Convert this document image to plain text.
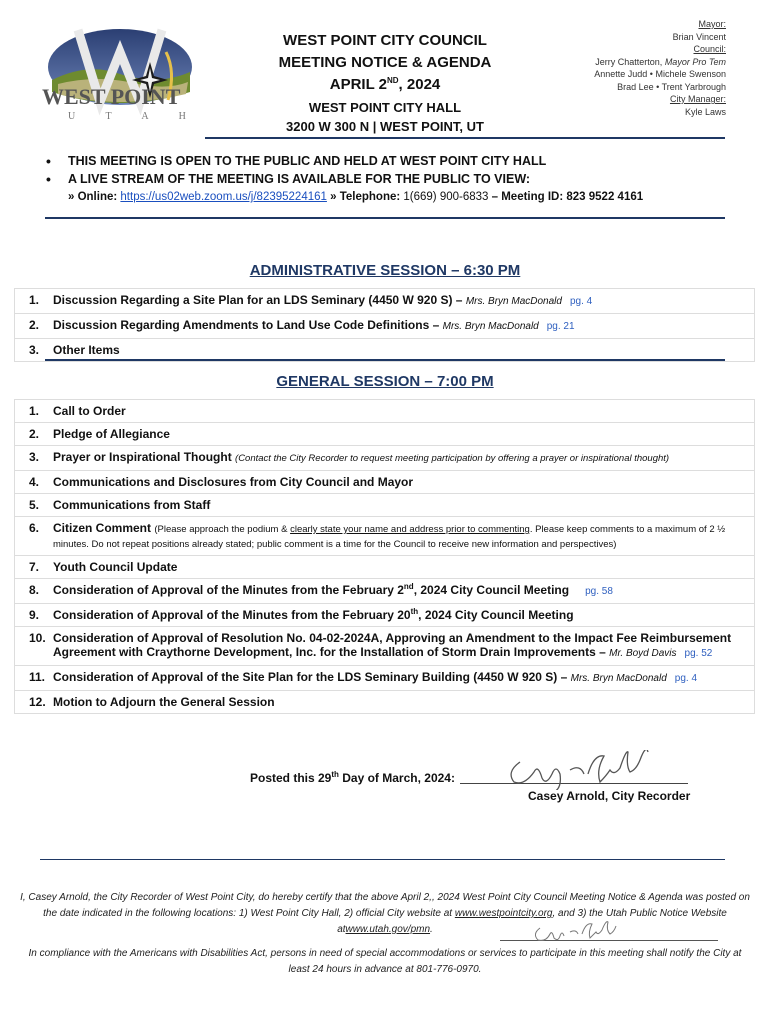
WEST POINT
U T A H
WEST POINT CITY COUNCIL
MEETING NOTICE & AGENDA
APRIL 2ND, 2024
WEST POINT CITY HALL
3200 W 300 N | WEST POINT, UT
Mayor:
Brian Vincent
Council:
Jerry Chatterton, Mayor Pro Tem
Annette Judd • Michele Swenson
Brad Lee • Trent Yarbrough
City Manager:
Kyle Laws
• THIS MEETING IS OPEN TO THE PUBLIC AND HELD AT WEST POINT CITY HALL
• A LIVE STREAM OF THE MEETING IS AVAILABLE FOR THE PUBLIC TO VIEW:
» Online: https://us02web.zoom.us/j/82395224161 » Telephone: 1(669) 900-6833 – Meeting ID: 823 9522 4161
ADMINISTRATIVE SESSION – 6:30 PM
1. Discussion Regarding a Site Plan for an LDS Seminary (4450 W 920 S) – Mrs. Bryn MacDonald pg. 4
2. Discussion Regarding Amendments to Land Use Code Definitions – Mrs. Bryn MacDonald pg. 21
3. Other Items
GENERAL SESSION – 7:00 PM
1. Call to Order
2. Pledge of Allegiance
3. Prayer or Inspirational Thought (Contact the City Recorder to request meeting participation by offering a prayer or inspirational thought)
4. Communications and Disclosures from City Council and Mayor
5. Communications from Staff
6. Citizen Comment (Please approach the podium & clearly state your name and address prior to commenting. Please keep comments to a maximum of 2 ½ minutes. Do not repeat positions already stated; public comment is a time for the Council to receive new information and perspectives)
7. Youth Council Update
8. Consideration of Approval of the Minutes from the February 2nd, 2024 City Council Meeting pg. 58
9. Consideration of Approval of the Minutes from the February 20th, 2024 City Council Meeting
10. Consideration of Approval of Resolution No. 04-02-2024A, Approving an Amendment to the Impact Fee Reimbursement Agreement with Craythorne Development, Inc. for the Installation of Storm Drain Improvements – Mr. Boyd Davis pg. 52
11. Consideration of Approval of the Site Plan for the LDS Seminary Building (4450 W 920 S) – Mrs. Bryn MacDonald pg. 4
12. Motion to Adjourn the General Session
Posted this 29th Day of March, 2024:
Casey Arnold, City Recorder
I, Casey Arnold, the City Recorder of West Point City, do hereby certify that the above April 2,, 2024 West Point City Council Meeting Notice & Agenda was posted on the date indicated in the following locations: 1) West Point City Hall, 2) official City website at www.westpointcity.org, and 3) the Utah Public Notice Website atwww.utah.gov/pmn.
In compliance with the Americans with Disabilities Act, persons in need of special accommodations or services to participate in this meeting shall notify the City at least 24 hours in advance at 801-776-0970.
